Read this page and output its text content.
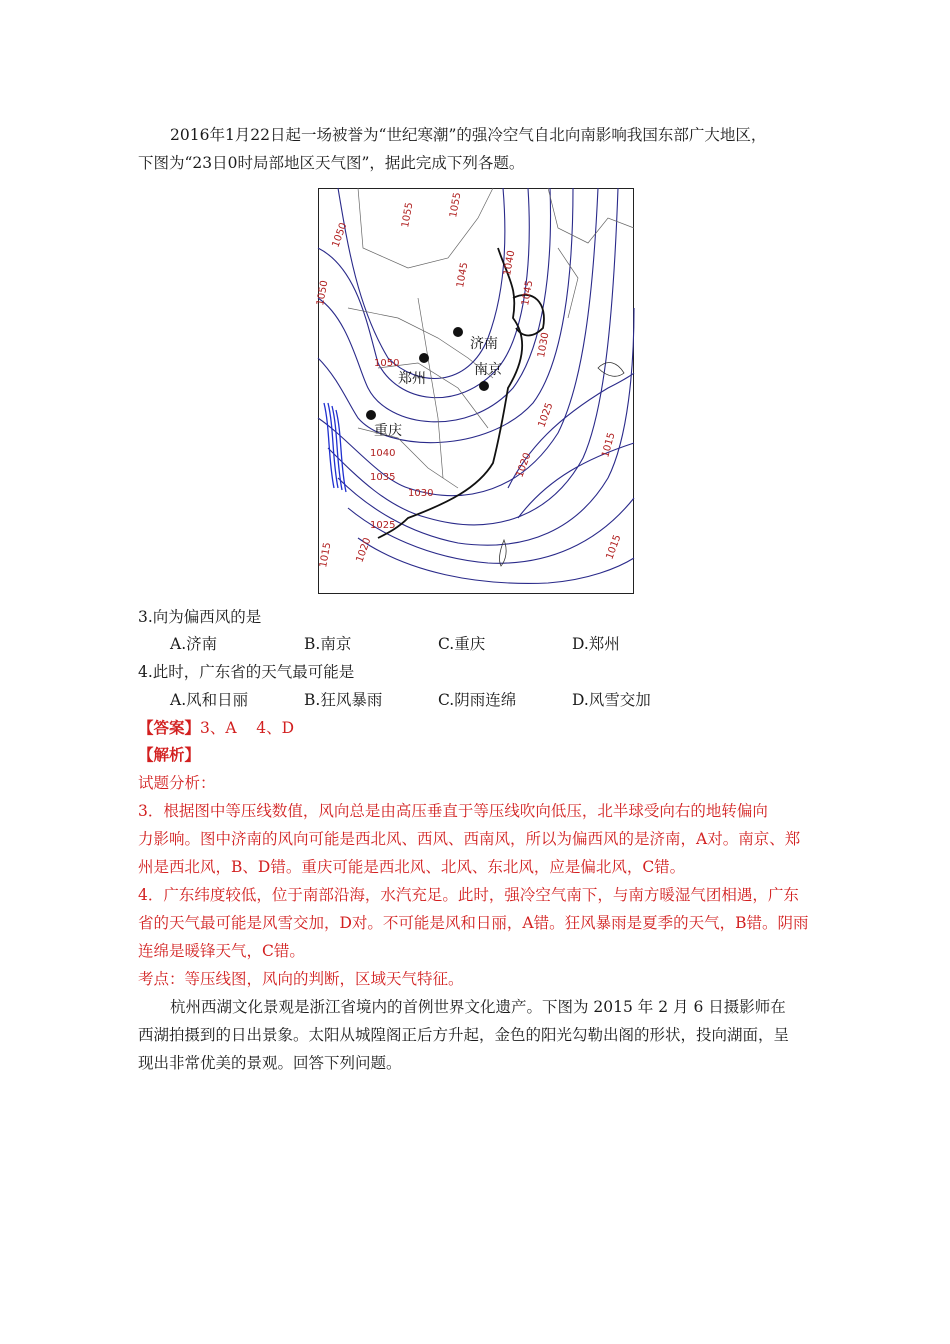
2016年1月22日起一场被誉为“世纪寒潮”的强冷空气自北向南影响我国东部广大地区，
下图为“23日0时局部地区天气图”，据此完成下列各题。
1055
1050
1050
1045	1040
1045
1030
1050
1025
1040
1035
1030
1025
1020
1015
1020
1015	1015
1055
济南
郑州
南京
重庆
3.向为偏西风的是
A.济南	B.南京	C.重庆	D.郑州
4.此时，广东省的天气最可能是
A.风和日丽	B.狂风暴雨	C.阴雨连绵	D.风雪交加
【答案】3、A    4、D
【解析】
试题分析：
3．根据图中等压线数值，风向总是由高压垂直于等压线吹向低压，北半球受向右的地转偏向
力影响。图中济南的风向可能是西北风、西风、西南风，所以为偏西风的是济南，A对。南京、郑
州是西北风，B、D错。重庆可能是西北风、北风、东北风，应是偏北风，C错。
4．广东纬度较低，位于南部沿海，水汽充足。此时，强冷空气南下，与南方暖湿气团相遇，广东
省的天气最可能是风雪交加，D对。不可能是风和日丽，A错。狂风暴雨是夏季的天气，B错。阴雨
连绵是暖锋天气，C错。
考点：等压线图，风向的判断，区域天气特征。
杭州西湖文化景观是浙江省境内的首例世界文化遗产。下图为 2015 年 2 月 6 日摄影师在
西湖拍摄到的日出景象。太阳从城隍阁正后方升起，金色的阳光勾勒出阁的形状，投向湖面，呈
现出非常优美的景观。回答下列问题。
